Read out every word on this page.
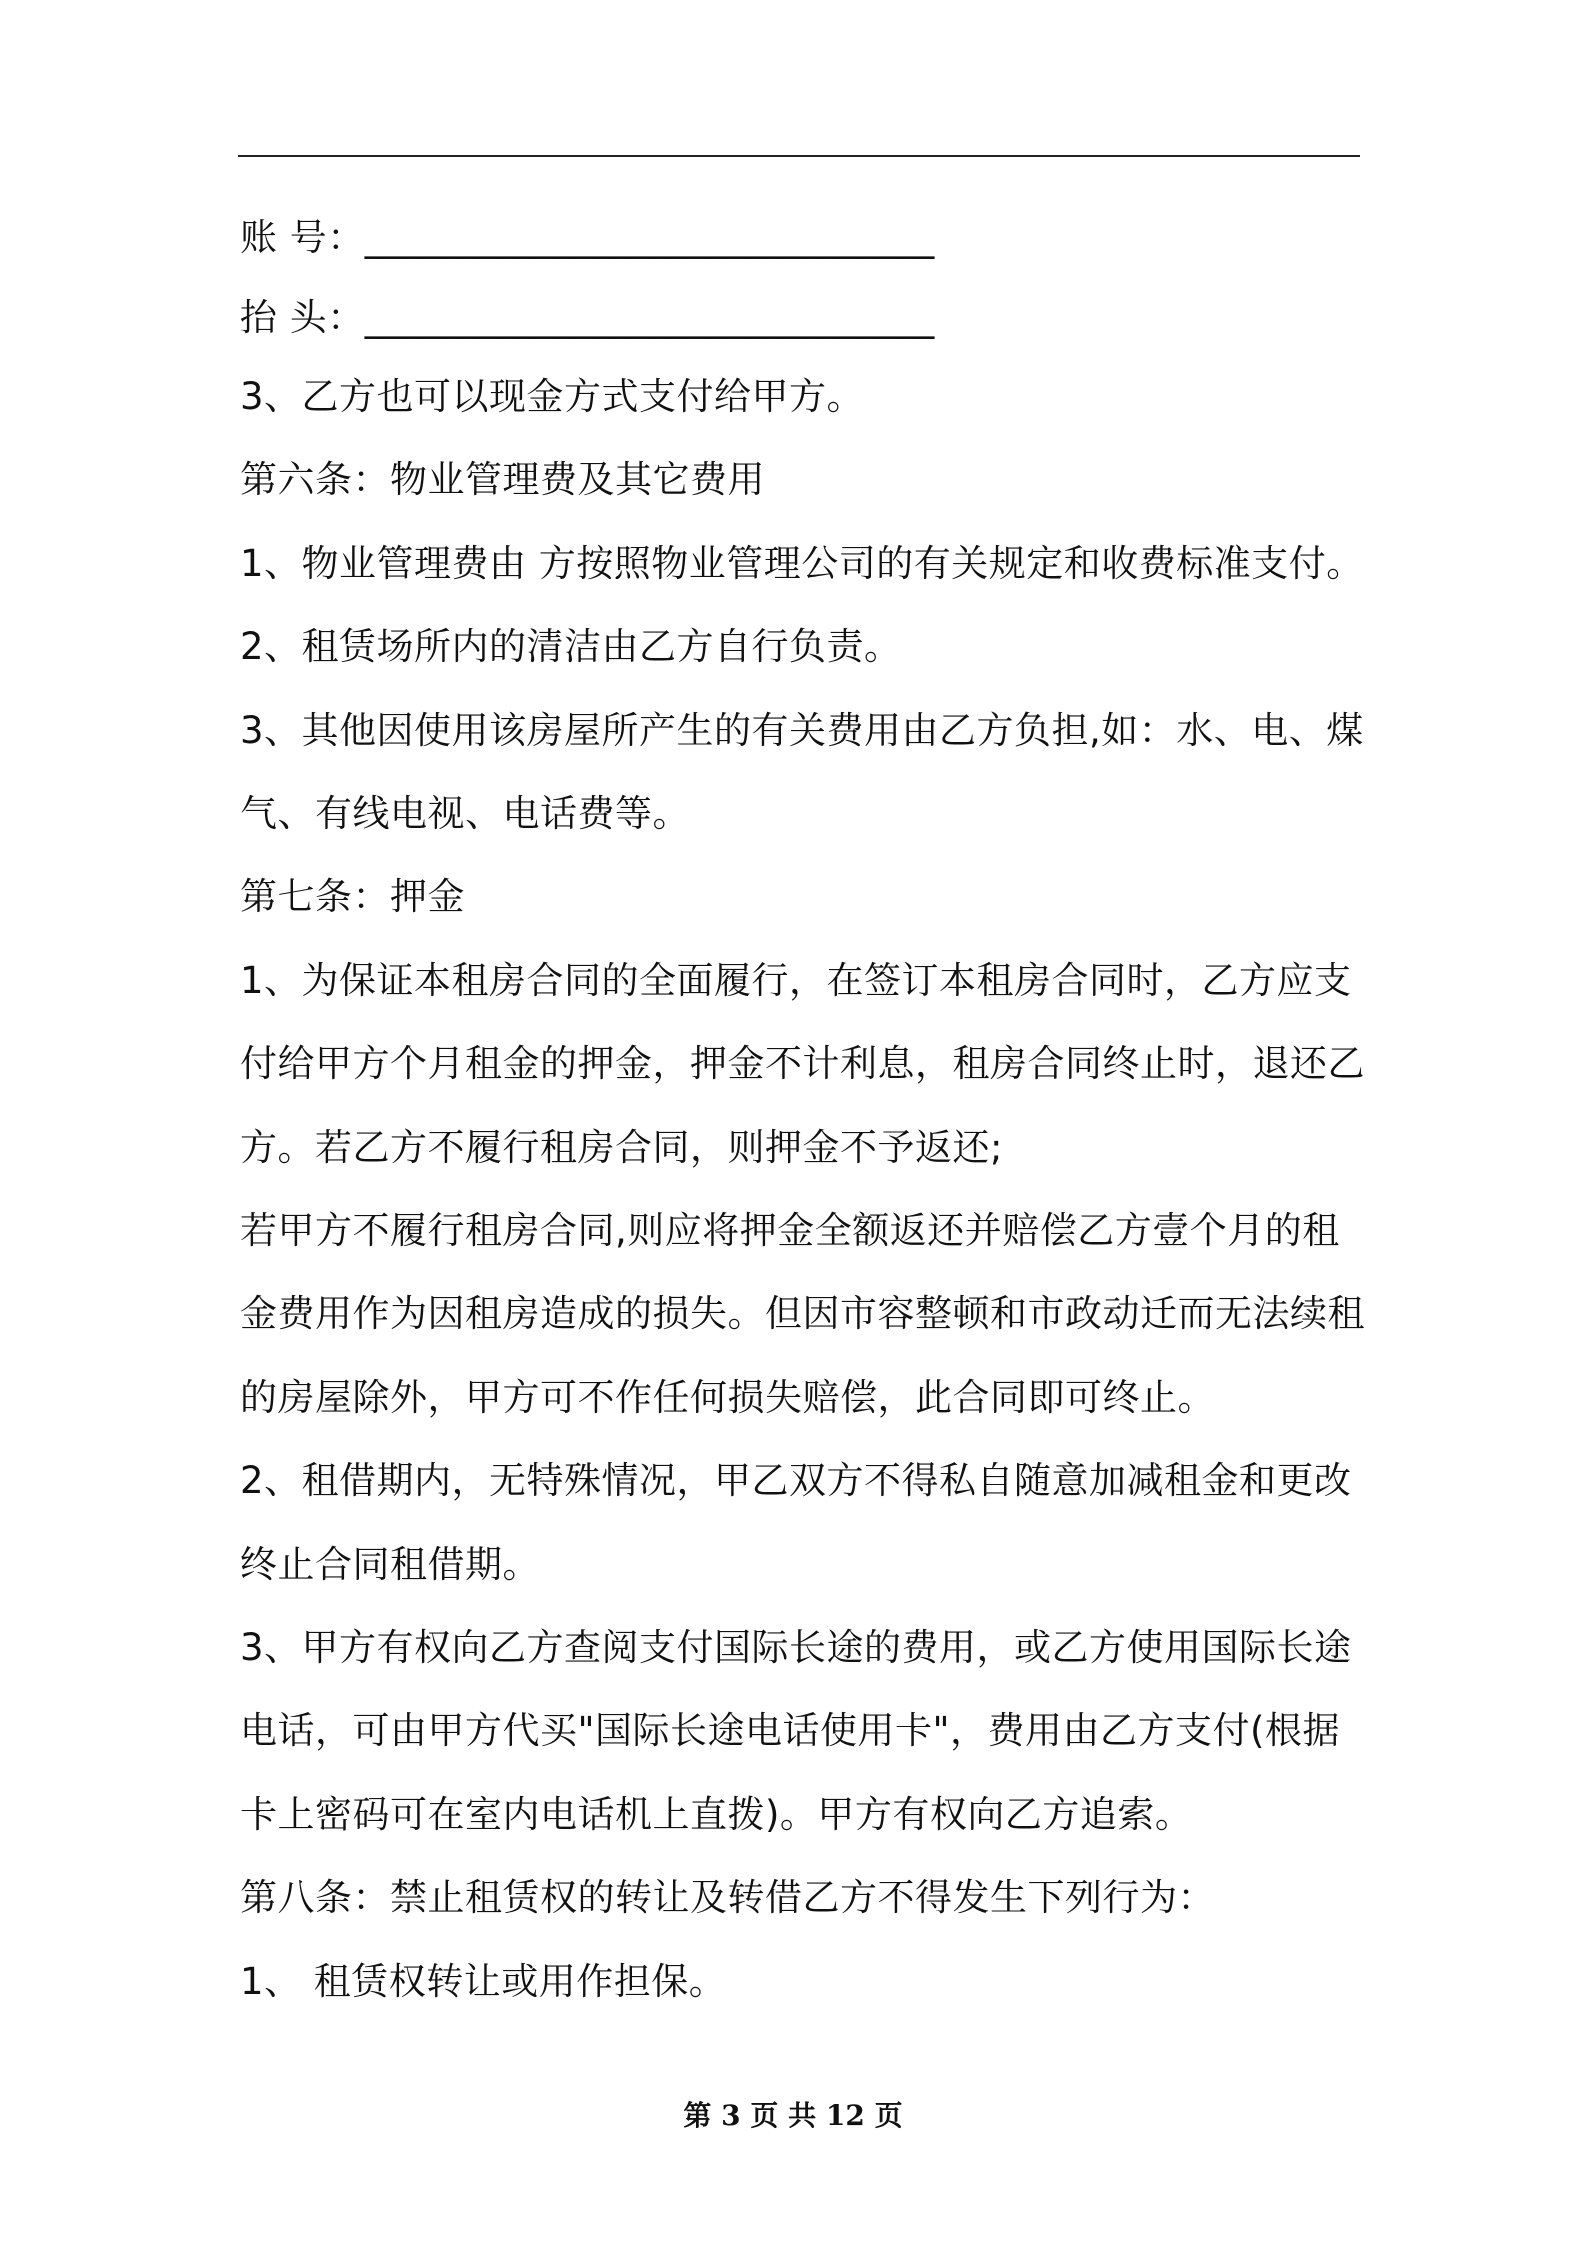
账 号：______________________________
抬 头：______________________________
3、乙方也可以现金方式支付给甲方。
第六条：物业管理费及其它费用
1、物业管理费由 方按照物业管理公司的有关规定和收费标准支付。
2、租赁场所内的清洁由乙方自行负责。
3、其他因使用该房屋所产生的有关费用由乙方负担,如：水、电、煤
气、有线电视、电话费等。
第七条：押金
1、为保证本租房合同的全面履行，在签订本租房合同时，乙方应支
付给甲方个月租金的押金，押金不计利息，租房合同终止时，退还乙
方。若乙方不履行租房合同，则押金不予返还;
若甲方不履行租房合同,则应将押金全额返还并赔偿乙方壹个月的租
金费用作为因租房造成的损失。但因市容整顿和市政动迁而无法续租
的房屋除外，甲方可不作任何损失赔偿，此合同即可终止。
2、租借期内，无特殊情况，甲乙双方不得私自随意加减租金和更改
终止合同租借期。
3、甲方有权向乙方查阅支付国际长途的费用，或乙方使用国际长途
电话，可由甲方代买"国际长途电话使用卡"，费用由乙方支付(根据
卡上密码可在室内电话机上直拨)。甲方有权向乙方追索。
第八条：禁止租赁权的转让及转借乙方不得发生下列行为：
1、 租赁权转让或用作担保。
第 3 页 共 12 页
